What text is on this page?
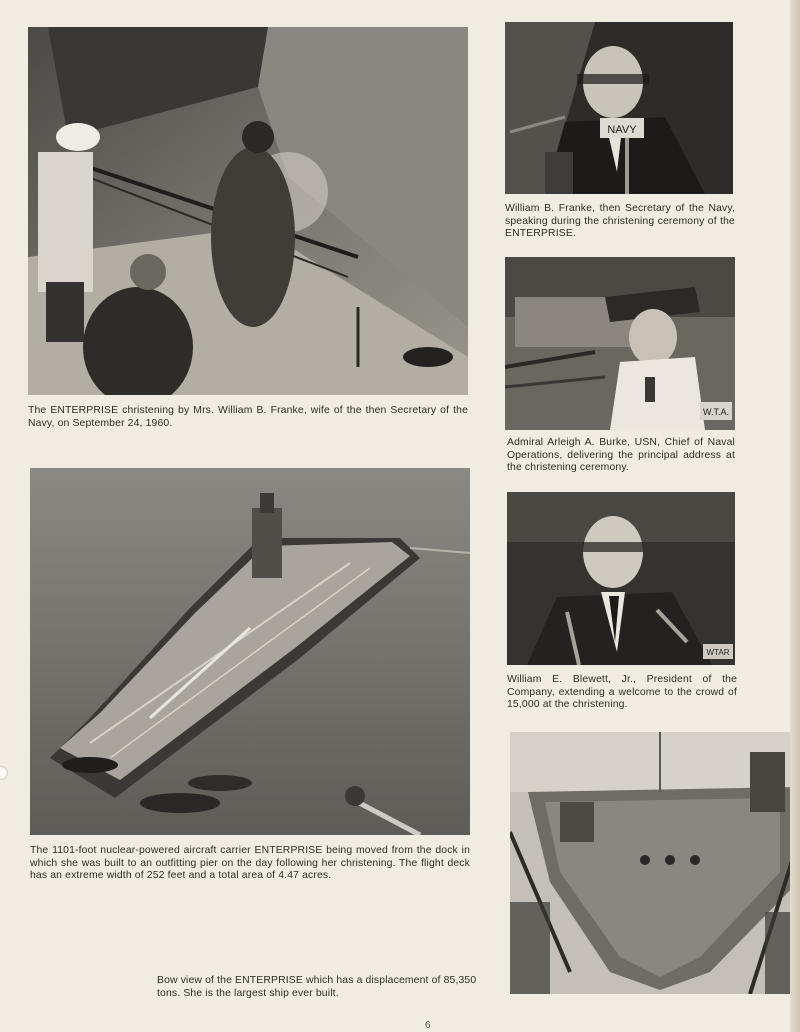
The ENTERPRISE christening by Mrs. William B. Franke, wife of the then Secretary of the Navy, on September 24, 1960.

NAVY

William B. Franke, then Secretary of the Navy, speaking during the christening ceremony of the ENTERPRISE.

W.T.A.

Admiral Arleigh A. Burke, USN, Chief of Naval Operations, delivering the principal address at the christening ceremony.

The 1101-foot nuclear-powered aircraft carrier ENTERPRISE being moved from the dock in which she was built to an outfitting pier on the day following her christening. The flight deck has an extreme width of 252 feet and a total area of 4.47 acres.

WTAR

William E. Blewett, Jr., President of the Company, extending a welcome to the crowd of 15,000 at the christening.

Bow view of the ENTERPRISE which has a displacement of 85,350 tons. She is the largest ship ever built.

6
